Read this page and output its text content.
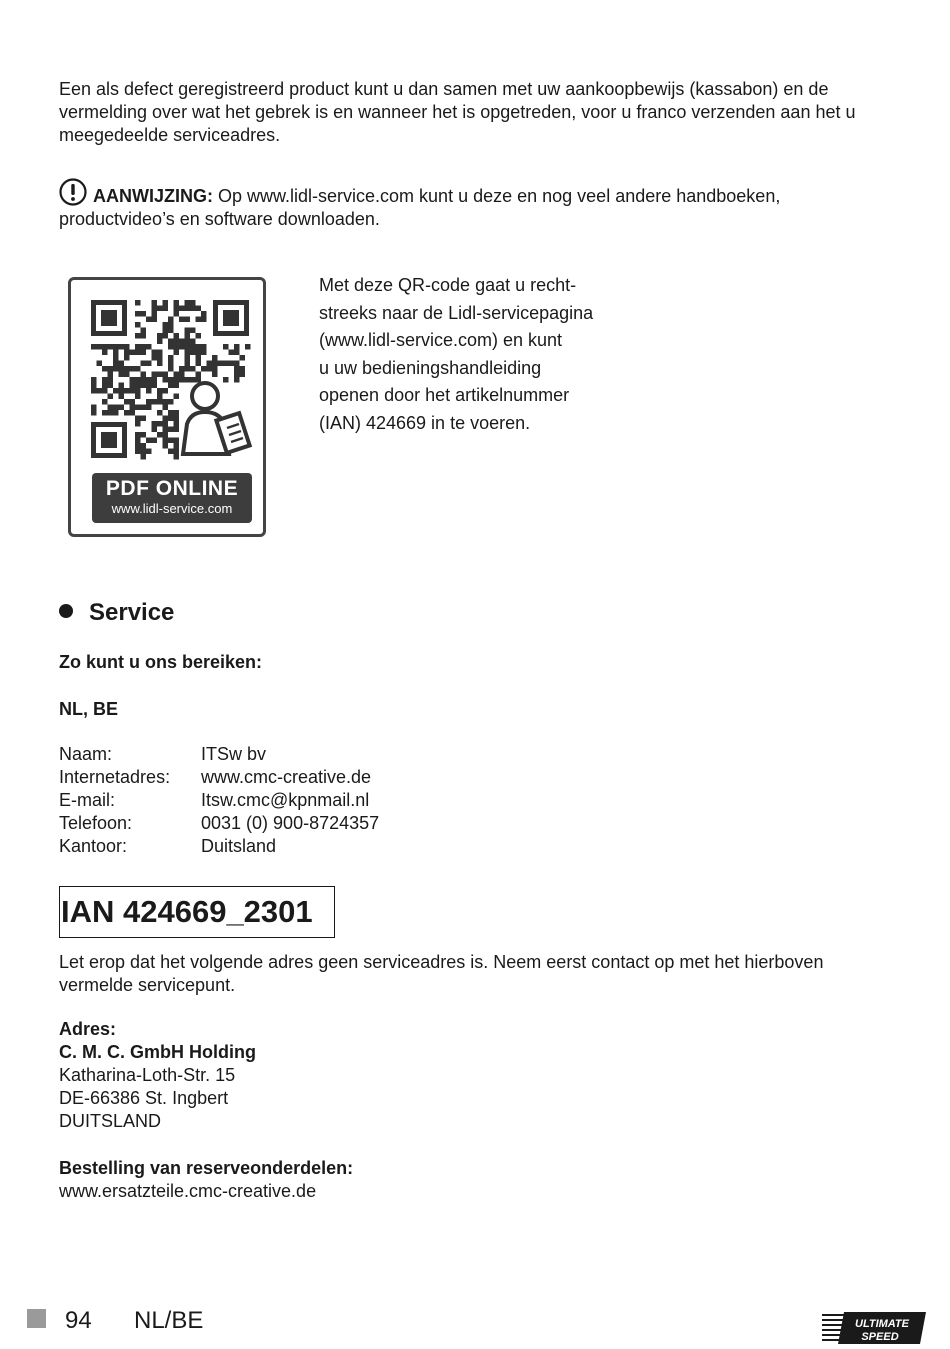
Een als defect geregistreerd product kunt u dan samen met uw aankoopbewijs (kassabon) en de vermelding over wat het gebrek is en wanneer het is opgetreden, voor u franco verzenden aan het u meegedeelde serviceadres.
AANWIJZING: Op www.lidl-service.com kunt u deze en nog veel andere handboeken, productvideo’s en software downloaden.
PDF ONLINE
www.lidl-service.com
Met deze QR-code gaat u recht-
streeks naar de Lidl-servicepagina
(www.lidl-service.com) en kunt
u uw bedieningshandleiding
openen door het artikelnummer
(IAN) 424669 in te voeren.
Service
Zo kunt u ons bereiken:
NL, BE
Naam:	ITSw bv
Internetadres:	www.cmc-creative.de
E-mail:	Itsw.cmc@kpnmail.nl
Telefoon:	0031 (0) 900-8724357
Kantoor:	Duitsland
IAN 424669_2301
Let erop dat het volgende adres geen serviceadres is. Neem eerst contact op met het hierboven vermelde servicepunt.
Adres:
C. M. C. GmbH Holding
Katharina-Loth-Str. 15
DE-66386 St. Ingbert
DUITSLAND
Bestelling van reserveonderdelen:
www.ersatzteile.cmc-creative.de
94 NL/BE	ULTIMATE
SPEED
